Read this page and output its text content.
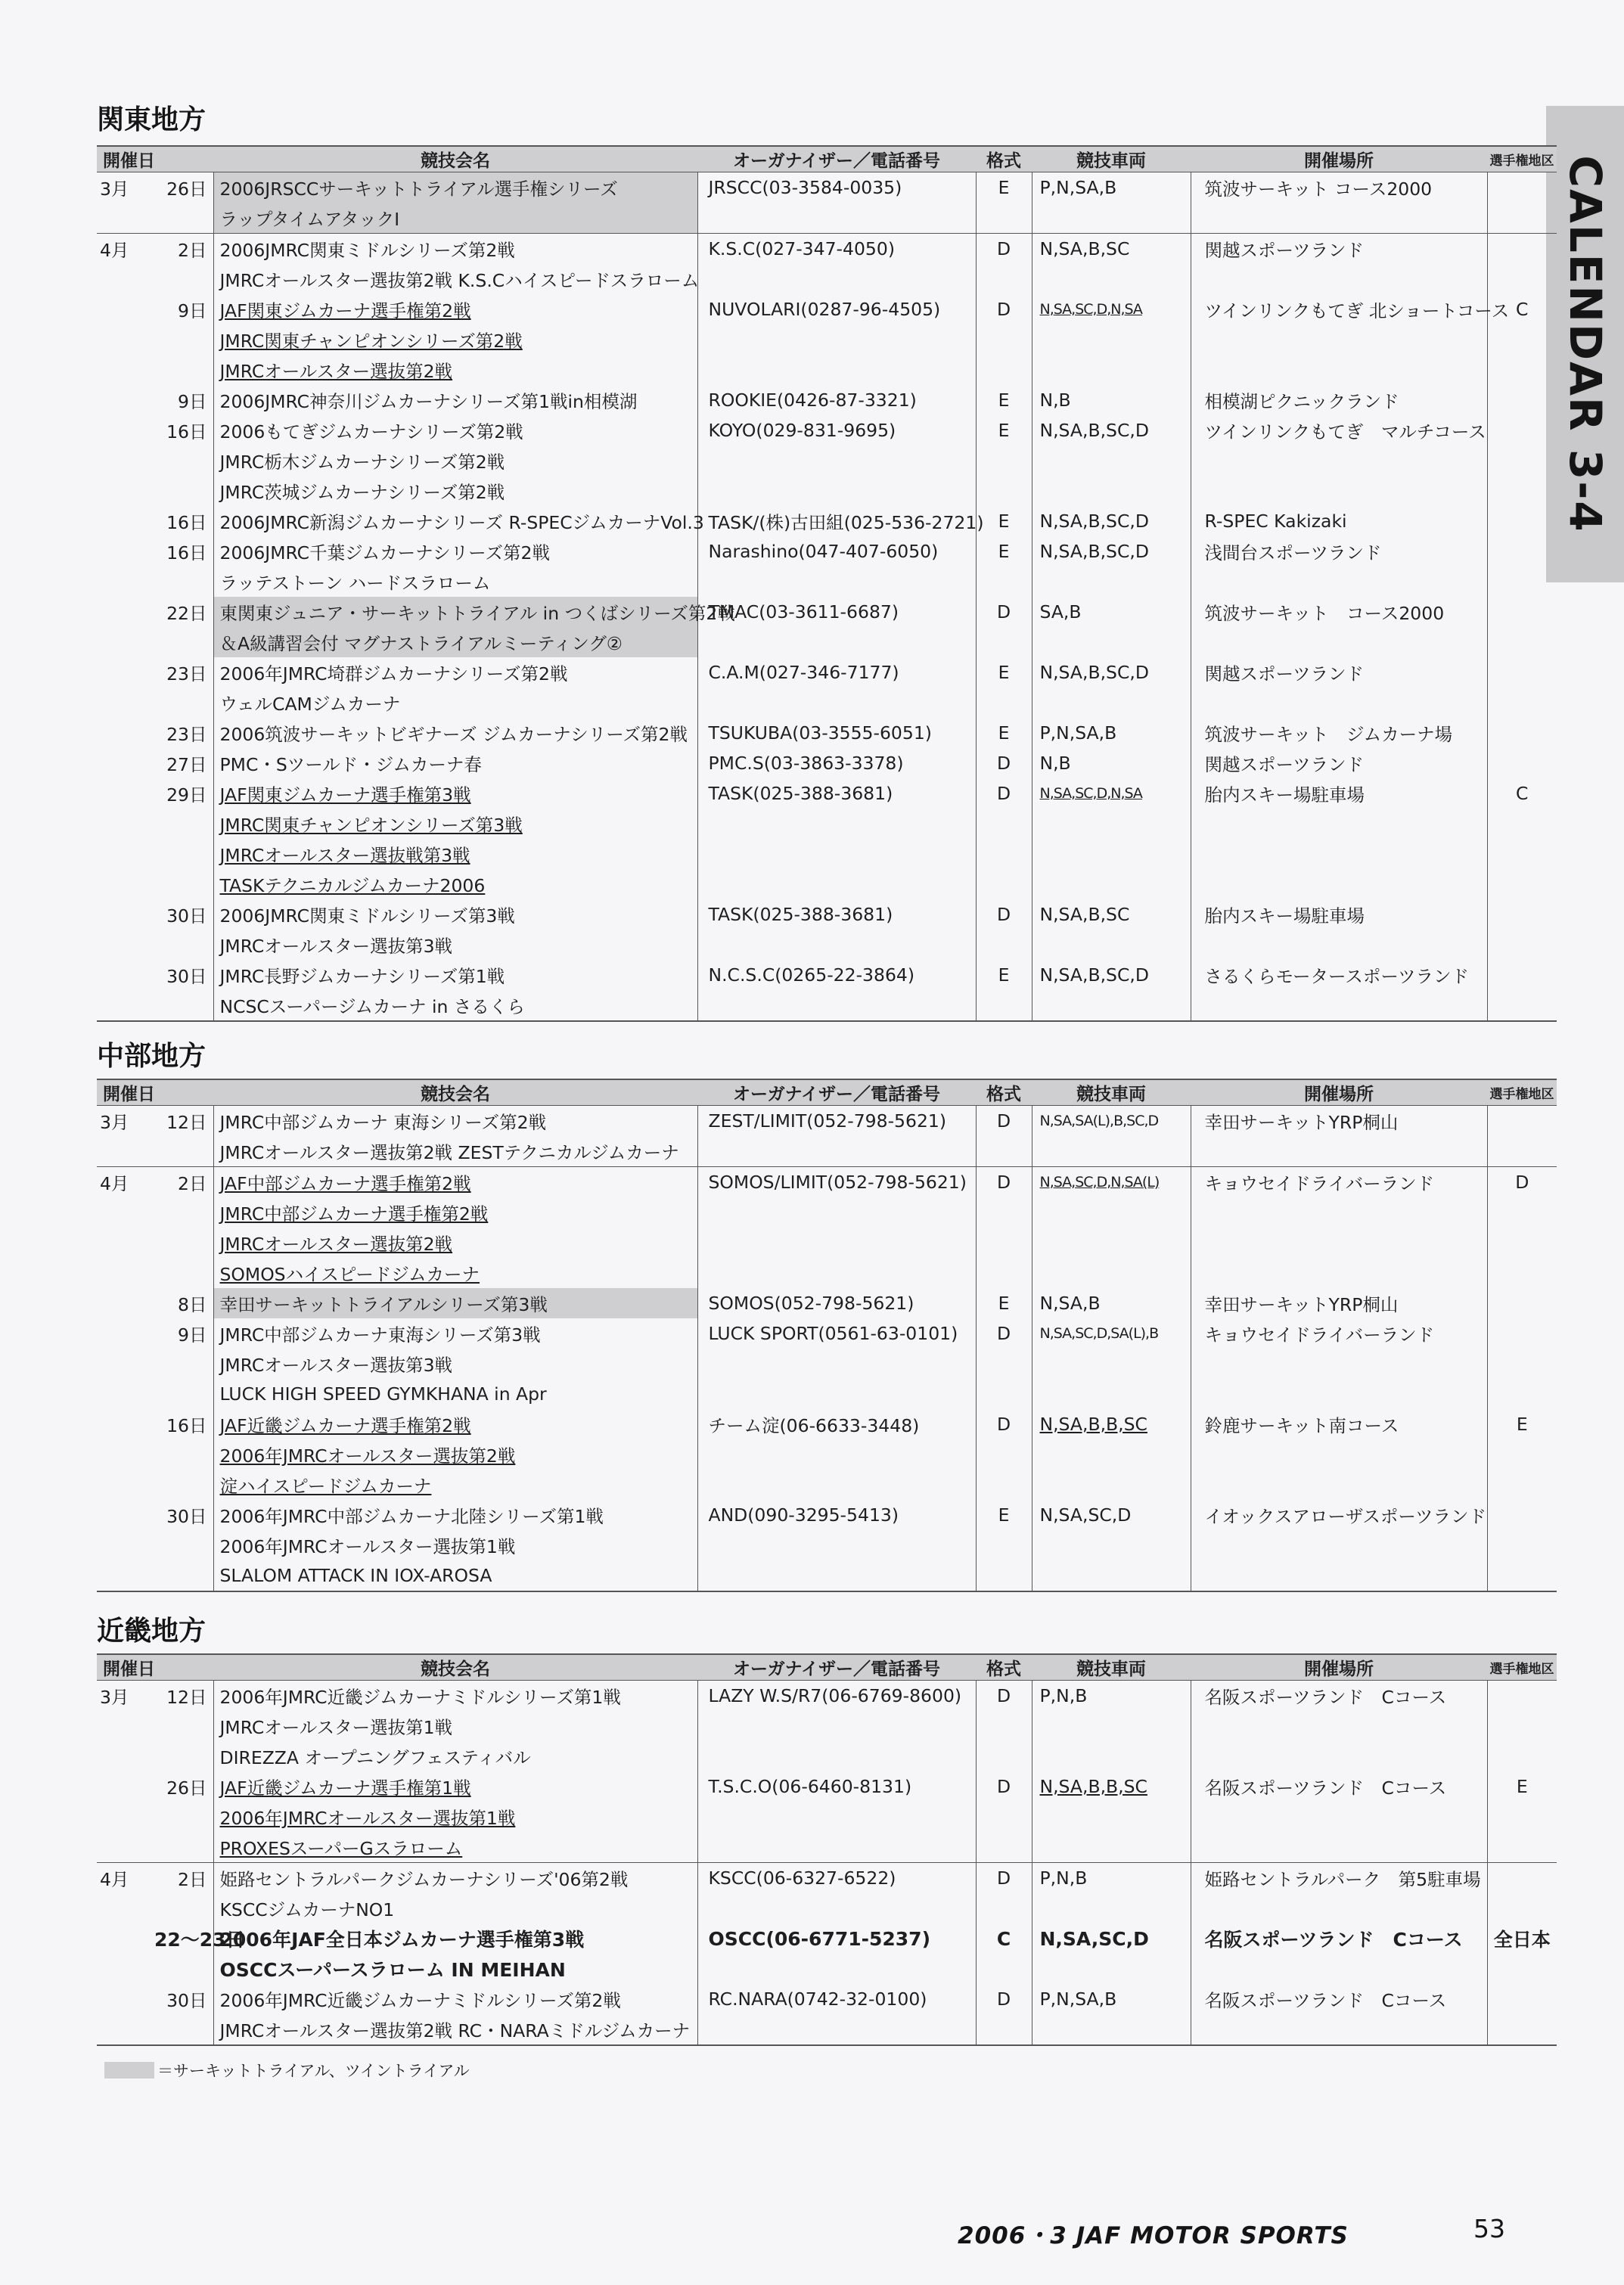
CALENDAR 3-4
関東地方
開催日		競技会名	オーガナイザー／電話番号	格式	競技車両	開催場所	選手権地区
3月	26日	2006JRSCCサーキットトライアル選手権シリーズ	JRSCC(03-3584-0035)	E	P,N,SA,B	筑波サーキット コース2000	
		ラップタイムアタックⅠ					
4月	2日	2006JMRC関東ミドルシリーズ第2戦	K.S.C(027-347-4050)	D	N,SA,B,SC	関越スポーツランド	
		JMRCオールスター選抜第2戦 K.S.Cハイスピードスラローム					
	9日	JAF関東ジムカーナ選手権第2戦	NUVOLARI(0287-96-4505)	D	N,SA,SC,D,N,SA	ツインリンクもてぎ 北ショートコース	C
		JMRC関東チャンピオンシリーズ第2戦					
		JMRCオールスター選抜第2戦					
	9日	2006JMRC神奈川ジムカーナシリーズ第1戦in相模湖	ROOKIE(0426-87-3321)	E	N,B	相模湖ピクニックランド	
	16日	2006もてぎジムカーナシリーズ第2戦	KOYO(029-831-9695)	E	N,SA,B,SC,D	ツインリンクもてぎ　マルチコース	
		JMRC栃木ジムカーナシリーズ第2戦					
		JMRC茨城ジムカーナシリーズ第2戦					
	16日	2006JMRC新潟ジムカーナシリーズ R-SPECジムカーナVol.3	TASK/(株)古田組(025-536-2721)	E	N,SA,B,SC,D	R-SPEC Kakizaki	
	16日	2006JMRC千葉ジムカーナシリーズ第2戦	Narashino(047-407-6050)	E	N,SA,B,SC,D	浅間台スポーツランド	
		ラッテストーン ハードスラローム					
	22日	東関東ジュニア・サーキットトライアル in つくばシリーズ第2戦	TMAC(03-3611-6687)	D	SA,B	筑波サーキット　コース2000	
		＆A級講習会付 マグナストライアルミーティング②					
	23日	2006年JMRC埼群ジムカーナシリーズ第2戦	C.A.M(027-346-7177)	E	N,SA,B,SC,D	関越スポーツランド	
		ウェルCAMジムカーナ					
	23日	2006筑波サーキットビギナーズ ジムカーナシリーズ第2戦	TSUKUBA(03-3555-6051)	E	P,N,SA,B	筑波サーキット　ジムカーナ場	
	27日	PMC・Sツールド・ジムカーナ春	PMC.S(03-3863-3378)	D	N,B	関越スポーツランド	
	29日	JAF関東ジムカーナ選手権第3戦	TASK(025-388-3681)	D	N,SA,SC,D,N,SA	胎内スキー場駐車場	C
		JMRC関東チャンピオンシリーズ第3戦					
		JMRCオールスター選抜戦第3戦					
		TASKテクニカルジムカーナ2006					
	30日	2006JMRC関東ミドルシリーズ第3戦	TASK(025-388-3681)	D	N,SA,B,SC	胎内スキー場駐車場	
		JMRCオールスター選抜第3戦					
	30日	JMRC長野ジムカーナシリーズ第1戦	N.C.S.C(0265-22-3864)	E	N,SA,B,SC,D	さるくらモータースポーツランド	
		NCSCスーパージムカーナ in さるくら					
中部地方
開催日		競技会名	オーガナイザー／電話番号	格式	競技車両	開催場所	選手権地区
3月	12日	JMRC中部ジムカーナ 東海シリーズ第2戦	ZEST/LIMIT(052-798-5621)	D	N,SA,SA(L),B,SC,D	幸田サーキットYRP桐山	
		JMRCオールスター選抜第2戦 ZESTテクニカルジムカーナ					
4月	2日	JAF中部ジムカーナ選手権第2戦	SOMOS/LIMIT(052-798-5621)	D	N,SA,SC,D,N,SA(L)	キョウセイドライバーランド	D
		JMRC中部ジムカーナ選手権第2戦					
		JMRCオールスター選抜第2戦					
		SOMOSハイスピードジムカーナ					
	8日	幸田サーキットトライアルシリーズ第3戦	SOMOS(052-798-5621)	E	N,SA,B	幸田サーキットYRP桐山	
	9日	JMRC中部ジムカーナ東海シリーズ第3戦	LUCK SPORT(0561-63-0101)	D	N,SA,SC,D,SA(L),B	キョウセイドライバーランド	
		JMRCオールスター選抜第3戦					
		LUCK HIGH SPEED GYMKHANA in Apr					
	16日	JAF近畿ジムカーナ選手権第2戦	チーム淀(06-6633-3448)	D	N,SA,B,B,SC	鈴鹿サーキット南コース	E
		2006年JMRCオールスター選抜第2戦					
		淀ハイスピードジムカーナ					
	30日	2006年JMRC中部ジムカーナ北陸シリーズ第1戦	AND(090-3295-5413)	E	N,SA,SC,D	イオックスアローザスポーツランド	
		2006年JMRCオールスター選抜第1戦					
		SLALOM ATTACK IN IOX-AROSA					
近畿地方
開催日		競技会名	オーガナイザー／電話番号	格式	競技車両	開催場所	選手権地区
3月	12日	2006年JMRC近畿ジムカーナミドルシリーズ第1戦	LAZY W.S/R7(06-6769-8600)	D	P,N,B	名阪スポーツランド　Cコース	
		JMRCオールスター選抜第1戦					
		DIREZZA オープニングフェスティバル					
	26日	JAF近畿ジムカーナ選手権第1戦	T.S.C.O(06-6460-8131)	D	N,SA,B,B,SC	名阪スポーツランド　Cコース	E
		2006年JMRCオールスター選抜第1戦					
		PROXESスーパーGスラローム					
4月	2日	姫路セントラルパークジムカーナシリーズ'06第2戦	KSCC(06-6327-6522)	D	P,N,B	姫路セントラルパーク　第5駐車場	
		KSCCジムカーナNO1					
	22〜23日	2006年JAF全日本ジムカーナ選手権第3戦	OSCC(06-6771-5237)	C	N,SA,SC,D	名阪スポーツランド　Cコース	全日本
		OSCCスーパースラローム IN MEIHAN					
	30日	2006年JMRC近畿ジムカーナミドルシリーズ第2戦	RC.NARA(0742-32-0100)	D	P,N,SA,B	名阪スポーツランド　Cコース	
		JMRCオールスター選抜第2戦 RC・NARAミドルジムカーナ					
＝サーキットトライアル、ツイントライアル
2006・3 JAF MOTOR SPORTS	53
